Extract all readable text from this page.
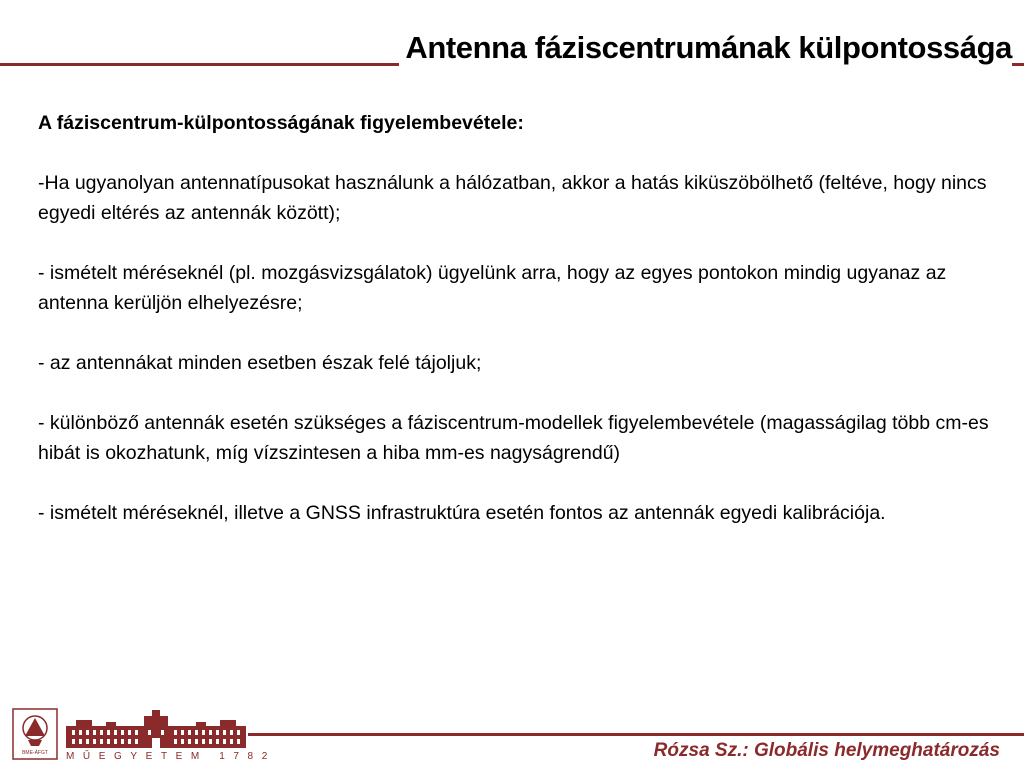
Antenna fáziscentrumának külpontossága

A fáziscentrum-külpontosságának figyelembevétele:

-Ha ugyanolyan antennatípusokat használunk a hálózatban, akkor a hatás kiküszöbölhető (feltéve, hogy nincs egyedi eltérés az antennák között);

- ismételt méréseknél (pl. mozgásvizsgálatok) ügyelünk arra, hogy az egyes pontokon mindig ugyanaz az antenna kerüljön elhelyezésre;

- az antennákat minden esetben észak felé tájoljuk;

- különböző antennák esetén szükséges a fáziscentrum-modellek figyelembevétele (magasságilag több cm-es hibát is okozhatunk, míg vízszintesen a hiba mm-es nagyságrendű)

- ismételt méréseknél, illetve a GNSS infrastruktúra esetén fontos az antennák egyedi kalibrációja.

BME-ÁFGT MŰEGYETEM 1782	Rózsa Sz.: Globális helymeghatározás
